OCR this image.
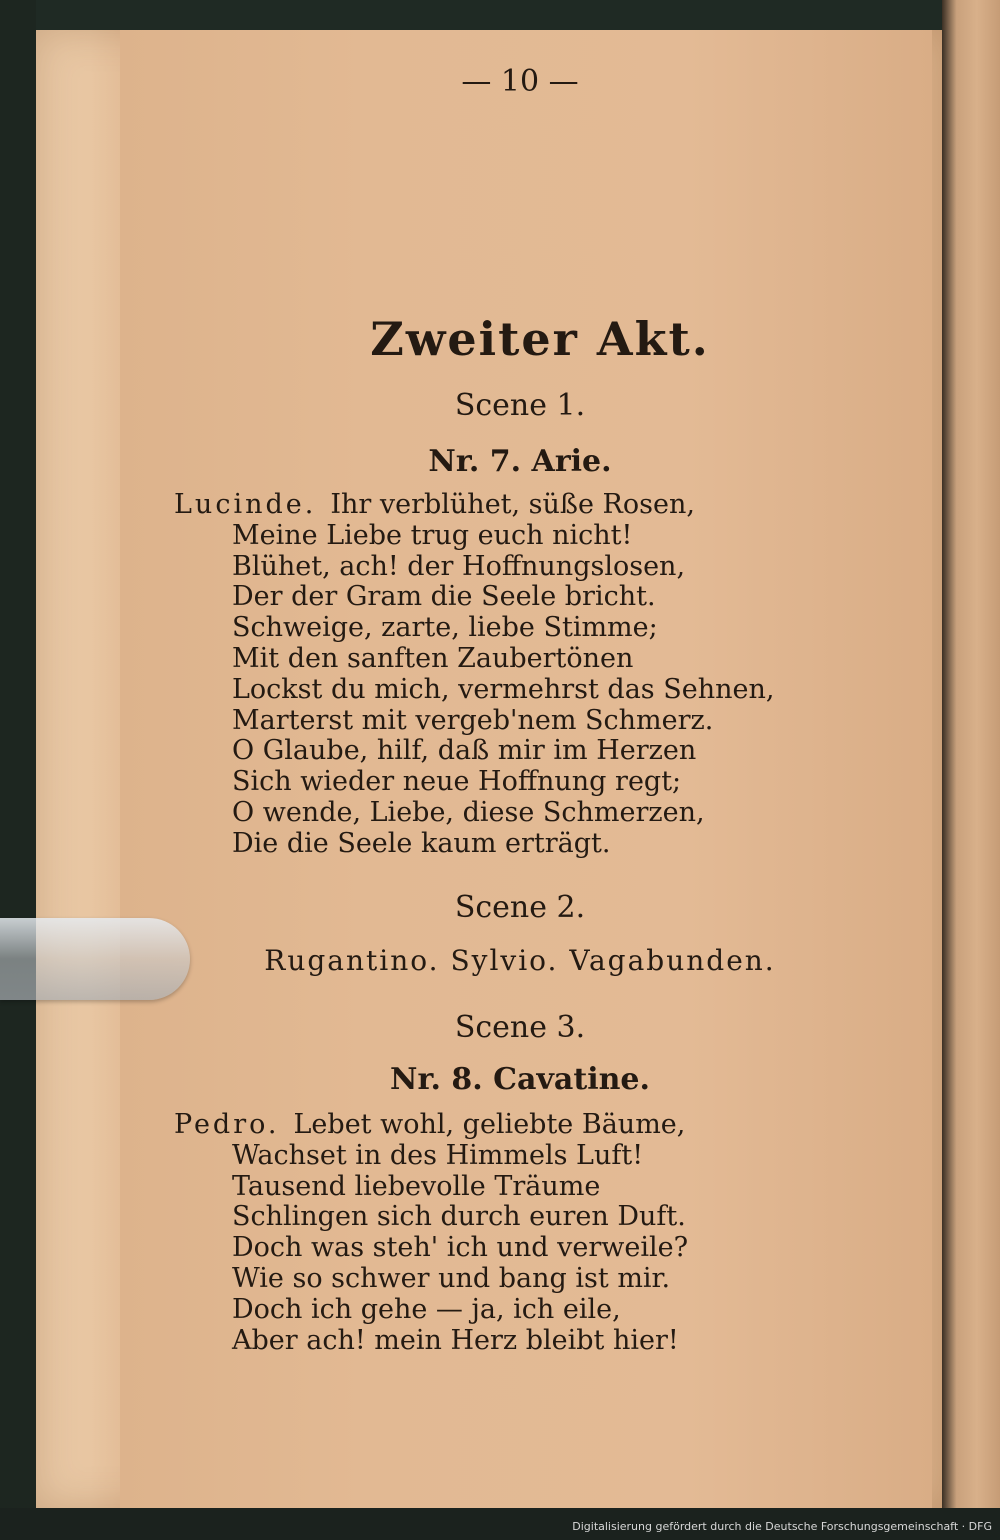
— 10 —
Zweiter Akt.
Scene 1.
Nr. 7. Arie.
Lucinde. Ihr verblühet, süße Rosen,
Meine Liebe trug euch nicht!
Blühet, ach! der Hoffnungslosen,
Der der Gram die Seele bricht.
Schweige, zarte, liebe Stimme;
Mit den sanften Zaubertönen
Lockst du mich, vermehrst das Sehnen,
Marterst mit vergeb'nem Schmerz.
O Glaube, hilf, daß mir im Herzen
Sich wieder neue Hoffnung regt;
O wende, Liebe, diese Schmerzen,
Die die Seele kaum erträgt.
Scene 2.
Rugantino. Sylvio. Vagabunden.
Scene 3.
Nr. 8. Cavatine.
Pedro. Lebet wohl, geliebte Bäume,
Wachset in des Himmels Luft!
Tausend liebevolle Träume
Schlingen sich durch euren Duft.
Doch was steh' ich und verweile?
Wie so schwer und bang ist mir.
Doch ich gehe — ja, ich eile,
Aber ach! mein Herz bleibt hier!
Digitalisierung gefördert durch die Deutsche Forschungsgemeinschaft · DFG
